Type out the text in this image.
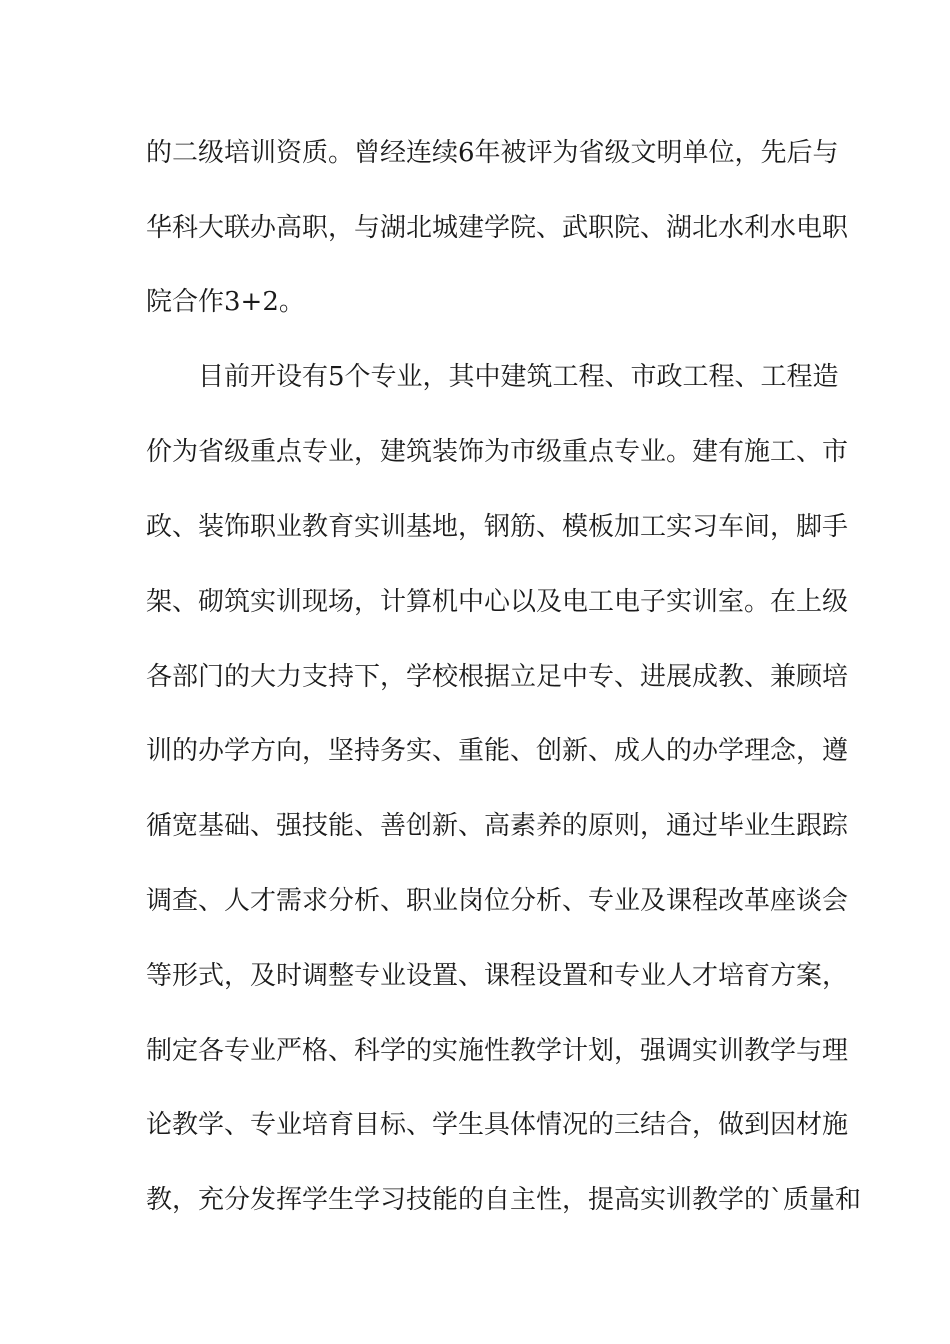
的二级培训资质。曾经连续6年被评为省级文明单位，先后与
华科大联办高职，与湖北城建学院、武职院、湖北水利水电职
院合作3+2。
目前开设有5个专业，其中建筑工程、市政工程、工程造
价为省级重点专业，建筑装饰为市级重点专业。建有施工、市
政、装饰职业教育实训基地，钢筋、模板加工实习车间，脚手
架、砌筑实训现场，计算机中心以及电工电子实训室。在上级
各部门的大力支持下，学校根据立足中专、进展成教、兼顾培
训的办学方向，坚持务实、重能、创新、成人的办学理念，遵
循宽基础、强技能、善创新、高素养的原则，通过毕业生跟踪
调查、人才需求分析、职业岗位分析、专业及课程改革座谈会
等形式，及时调整专业设置、课程设置和专业人才培育方案，
制定各专业严格、科学的实施性教学计划，强调实训教学与理
论教学、专业培育目标、学生具体情况的三结合，做到因材施
教，充分发挥学生学习技能的自主性，提高实训教学的`质量和
